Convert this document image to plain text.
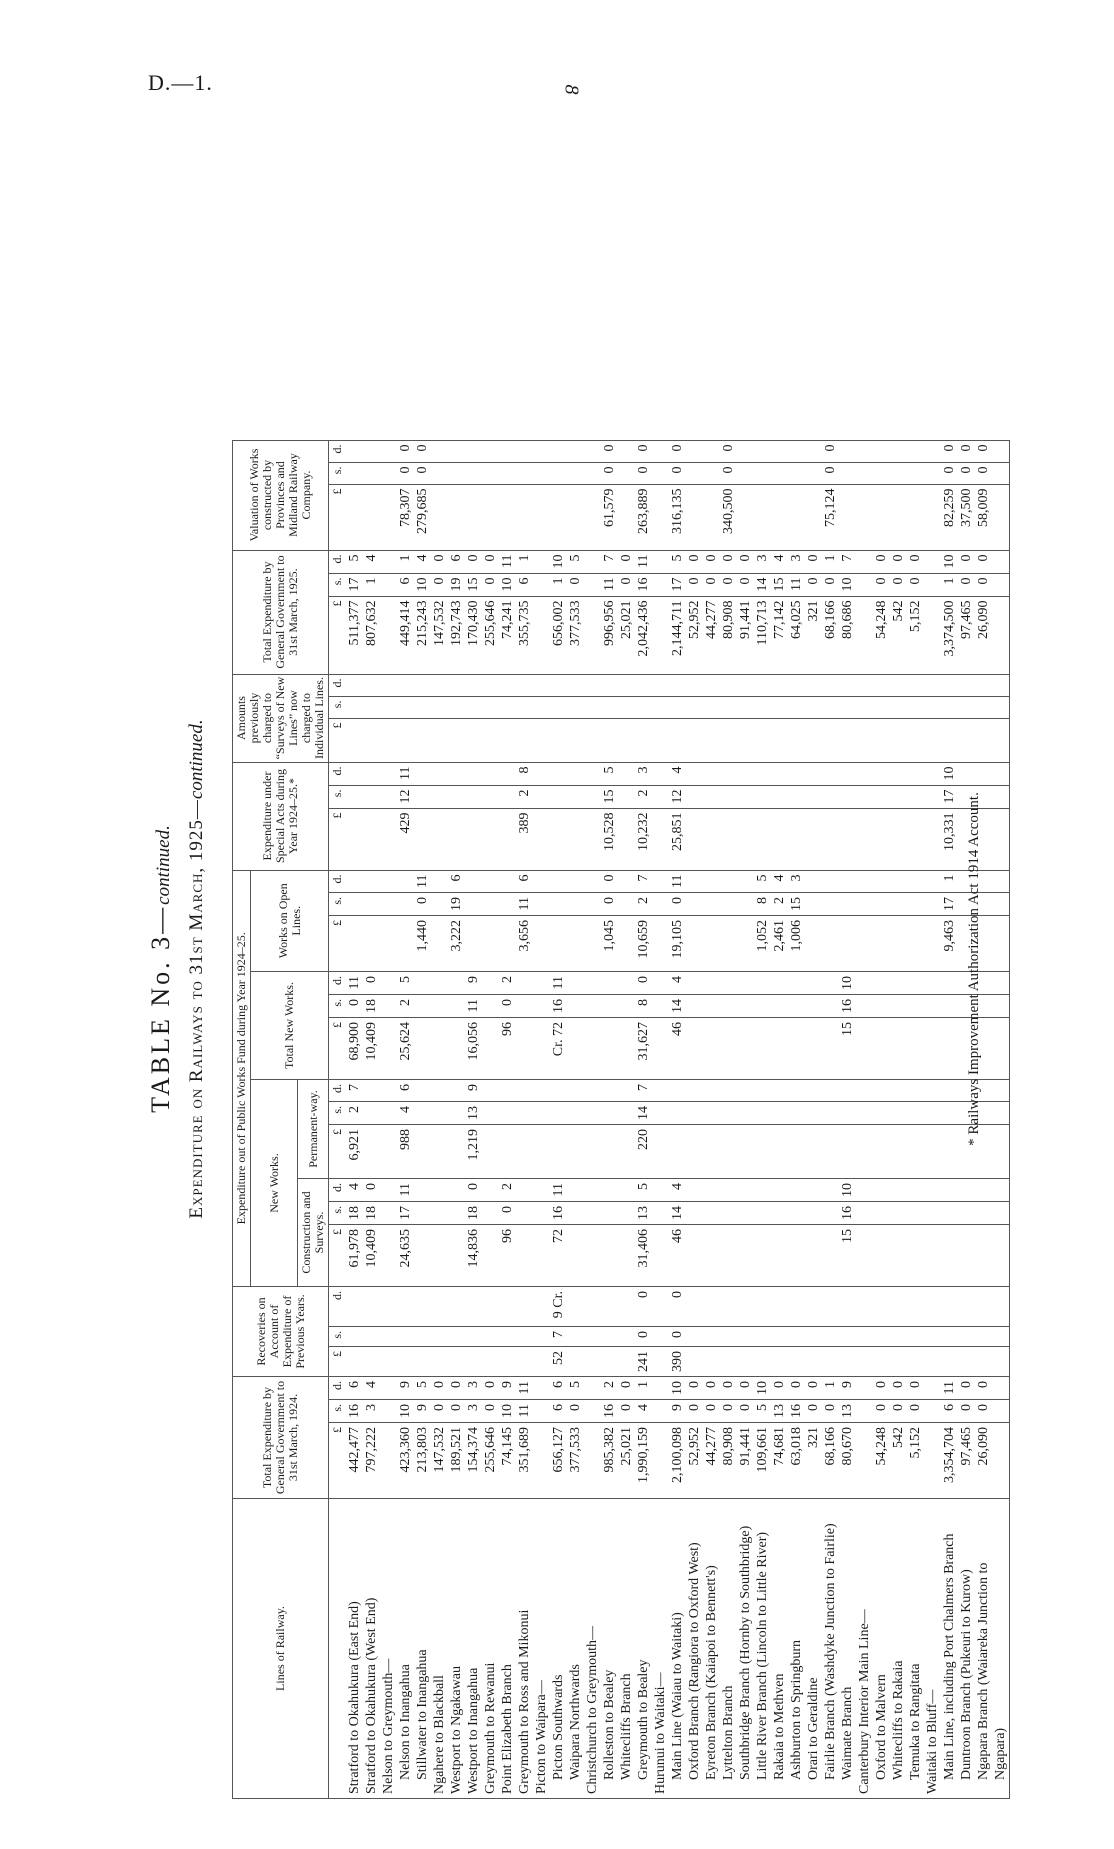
D.—1.	8
TABLE No. 3—continued. Expenditure on Railways to 31st March, 1925—continued.
Lines of Railway.	Total Expenditure by General Government to 31st March, 1924.			Recoveries on Account of Expenditure of Previous Years.			Expenditure out of Public Works Fund during Year 1924–25.												Expenditure under Special Acts during Year 1924–25.*			Amounts previously charged to “Surveys of New Lines” now charged to Individual Lines.			Total Expenditure by General Government to 31st March, 1925.			Valuation of Works constructed by Provinces and Midland Railway Company.		
							New Works.						Total New Works.			Works on Open Lines.														
							Construction and Surveys.			Permanent-way.																				
	£	s.	d.	£	s.	d.	£	s.	d.	£	s.	d.	£	s.	d.	£	s.	d.	£	s.	d.	£	s.	d.	£	s.	d.	£	s.	d.
Stratford to Okahukura (East End)	442,477	16	6				61,978	18	4	6,921	2	7	68,900	0	11										511,377	17	5			
Stratford to Okahukura (West End)	797,222	3	4				10,409	18	0				10,409	18	0										807,632	1	4			
Nelson to Greymouth—																														
Nelson to Inangahua	423,360	10	9				24,635	17	11	988	4	6	25,624	2	5				429	12	11				449,414	6	1	78,307	0	0
Stillwater to Inangahua	213,803	9	5													1,440	0	11							215,243	10	4	279,685	0	0
Ngahere to Blackball	147,532	0	0																						147,532	0	0			
Westport to Ngakawau	189,521	0	0													3,222	19	6							192,743	19	6			
Westport to Inangahua	154,374	3	3				14,836	18	0	1,219	13	9	16,056	11	9										170,430	15	0			
Greymouth to Rewanui	255,646	0	0																						255,646	0	0			
Point Elizabeth Branch	74,145	10	9				96	0	2				96	0	2										74,241	10	11			
Greymouth to Ross and Mikonui	351,689	11	11													3,656	11	6	389	2	8				355,735	6	1			
Picton to Waipara—																														
Picton Southwards	656,127	6	6	52	7	9 Cr.	72	16	11				Cr. 72	16	11										656,002	1	10			
Waipara Northwards	377,533	0	5																						377,533	0	5			
Christchurch to Greymouth—																														
Rolleston to Bealey	985,382	16	2													1,045	0	0	10,528	15	5				996,956	11	7	61,579	0	0
Whitecliffs Branch	25,021	0	0																						25,021	0	0			
Greymouth to Bealey	1,990,159	4	1	241	0	0	31,406	13	5	220	14	7	31,627	8	0	10,659	2	7	10,232	2	3				2,042,436	16	11	263,889	0	0
Hurunui to Waitaki—																														
Main Line (Waiau to Waitaki)	2,100,098	9	10	390	0	0	46	14	4				46	14	4	19,105	0	11	25,851	12	4				2,144,711	17	5	316,135	0	0
Oxford Branch (Rangiora to Oxford West)	52,952	0	0																						52,952	0	0			
Eyreton Branch (Kaiapoi to Bennett's)	44,277	0	0																						44,277	0	0			
Lyttelton Branch	80,908	0	0																						80,908	0	0	340,500	0	0
Southbridge Branch (Hornby to Southbridge)	91,441	0	0																						91,441	0	0			
Little River Branch (Lincoln to Little River)	109,661	5	10													1,052	8	5							110,713	14	3			
Rakaia to Methven	74,681	13	0													2,461	2	4							77,142	15	4			
Ashburton to Springburn	63,018	16	0													1,006	15	3							64,025	11	3			
Orari to Geraldine	321	0	0																						321	0	0			
Fairlie Branch (Washdyke Junction to Fairlie)	68,166	0	1																						68,166	0	1	75,124	0	0
Waimate Branch	80,670	13	9				15	16	10				15	16	10										80,686	10	7			
Canterbury Interior Main Line—																														
Oxford to Malvern	54,248	0	0																						54,248	0	0			
Whitecliffs to Rakaia	542	0	0																						542	0	0			
Temuka to Rangitata	5,152	0	0																						5,152	0	0			
Waitaki to Bluff—																														
Main Line, including Port Chalmers Branch	3,354,704	6	11													9,463	17	1	10,331	17	10				3,374,500	1	10	82,259	0	0
Duntroon Branch (Pukeuri to Kurow)	97,465	0	0																						97,465	0	0	37,500	0	0
Ngapara Branch (Waiareka Junction to	26,090	0	0																						26,090	0	0	58,009	0	0
Ngapara)																														
* Railways Improvement Authorization Act 1914 Account.
